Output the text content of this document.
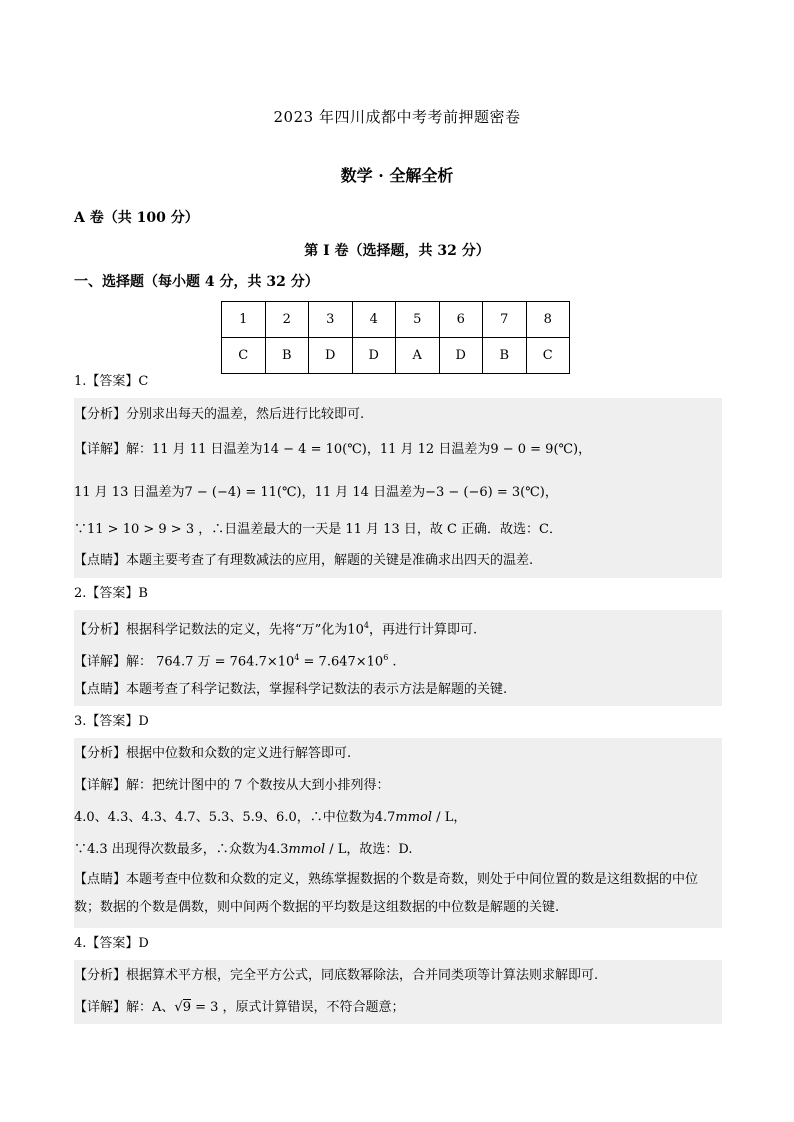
2023 年四川成都中考考前押题密卷
数学 · 全解全析
A 卷（共 100 分）
第 I 卷（选择题，共 32 分）
一、选择题（每小题 4 分，共 32 分）
1	2	3	4	5	6	7	8
C	B	D	D	A	D	B	C
1.【答案】C
【分析】分别求出每天的温差，然后进行比较即可.
【详解】解：11 月 11 日温差为14 − 4 = 10(℃)，11 月 12 日温差为9 − 0 = 9(℃)，
11 月 13 日温差为7 − (−4) = 11(℃)，11 月 14 日温差为−3 − (−6) = 3(℃)，
∵11 > 10 > 9 > 3 ，∴日温差最大的一天是 11 月 13 日，故 C 正确．故选：C．
【点睛】本题主要考查了有理数减法的应用，解题的关键是准确求出四天的温差.
2.【答案】B
【分析】根据科学记数法的定义，先将“万”化为$10^4$，再进行计算即可.
【详解】解： 764.7 万 = $764.7\times 10^4 = 7.647\times 10^6$ .
【点睛】本题考查了科学记数法，掌握科学记数法的表示方法是解题的关键.
3.【答案】D
【分析】根据中位数和众数的定义进行解答即可.
【详解】解：把统计图中的 7 个数按从大到小排列得：
4.0、4.3、4.3、4.7、5.3、5.9、6.0，∴中位数为4.7mmol / L，
∵4.3 出现得次数最多，∴众数为4.3mmol / L，故选：D.
【点睛】本题考查中位数和众数的定义，熟练掌握数据的个数是奇数，则处于中间位置的数是这组数据的中位数；数据的个数是偶数，则中间两个数据的平均数是这组数据的中位数是解题的关键.
4.【答案】D
【分析】根据算术平方根，完全平方公式，同底数幂除法，合并同类项等计算法则求解即可.
【详解】解：A、√9 = 3 ，原式计算错误，不符合题意；
